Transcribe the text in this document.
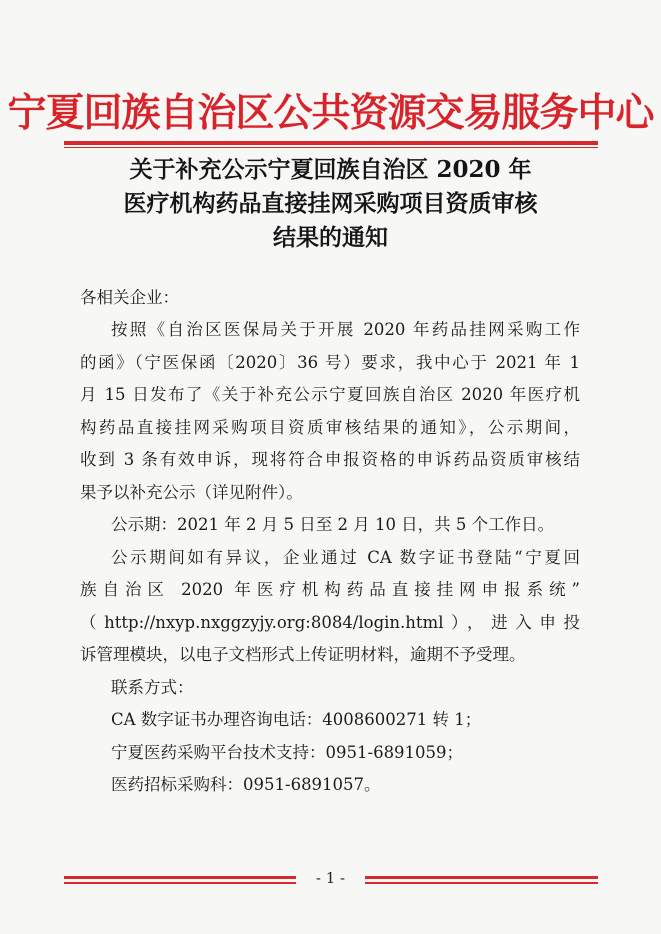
宁夏回族自治区公共资源交易服务中心
关于补充公示宁夏回族自治区 2020 年
医疗机构药品直接挂网采购项目资质审核
结果的通知
各相关企业：
按照《自治区医保局关于开展 2020 年药品挂网采购工作
的函》（宁医保函〔2020〕36 号）要求，我中心于 2021 年 1
月 15 日发布了《关于补充公示宁夏回族自治区 2020 年医疗机
构药品直接挂网采购项目资质审核结果的通知》，公示期间，
收到 3 条有效申诉，现将符合申报资格的申诉药品资质审核结
果予以补充公示（详见附件）。
公示期：2021 年 2 月 5 日至 2 月 10 日，共 5 个工作日。
公示期间如有异议，企业通过 CA 数字证书登陆“宁夏回
族自治区 2020 年医疗机构药品直接挂网申报系统”
（http://nxyp.nxggzyjy.org:8084/login.html），进入申投
诉管理模块，以电子文档形式上传证明材料，逾期不予受理。
联系方式：
CA 数字证书办理咨询电话：4008600271 转 1；
宁夏医药采购平台技术支持：0951-6891059；
医药招标采购科：0951-6891057。
- 1 -
